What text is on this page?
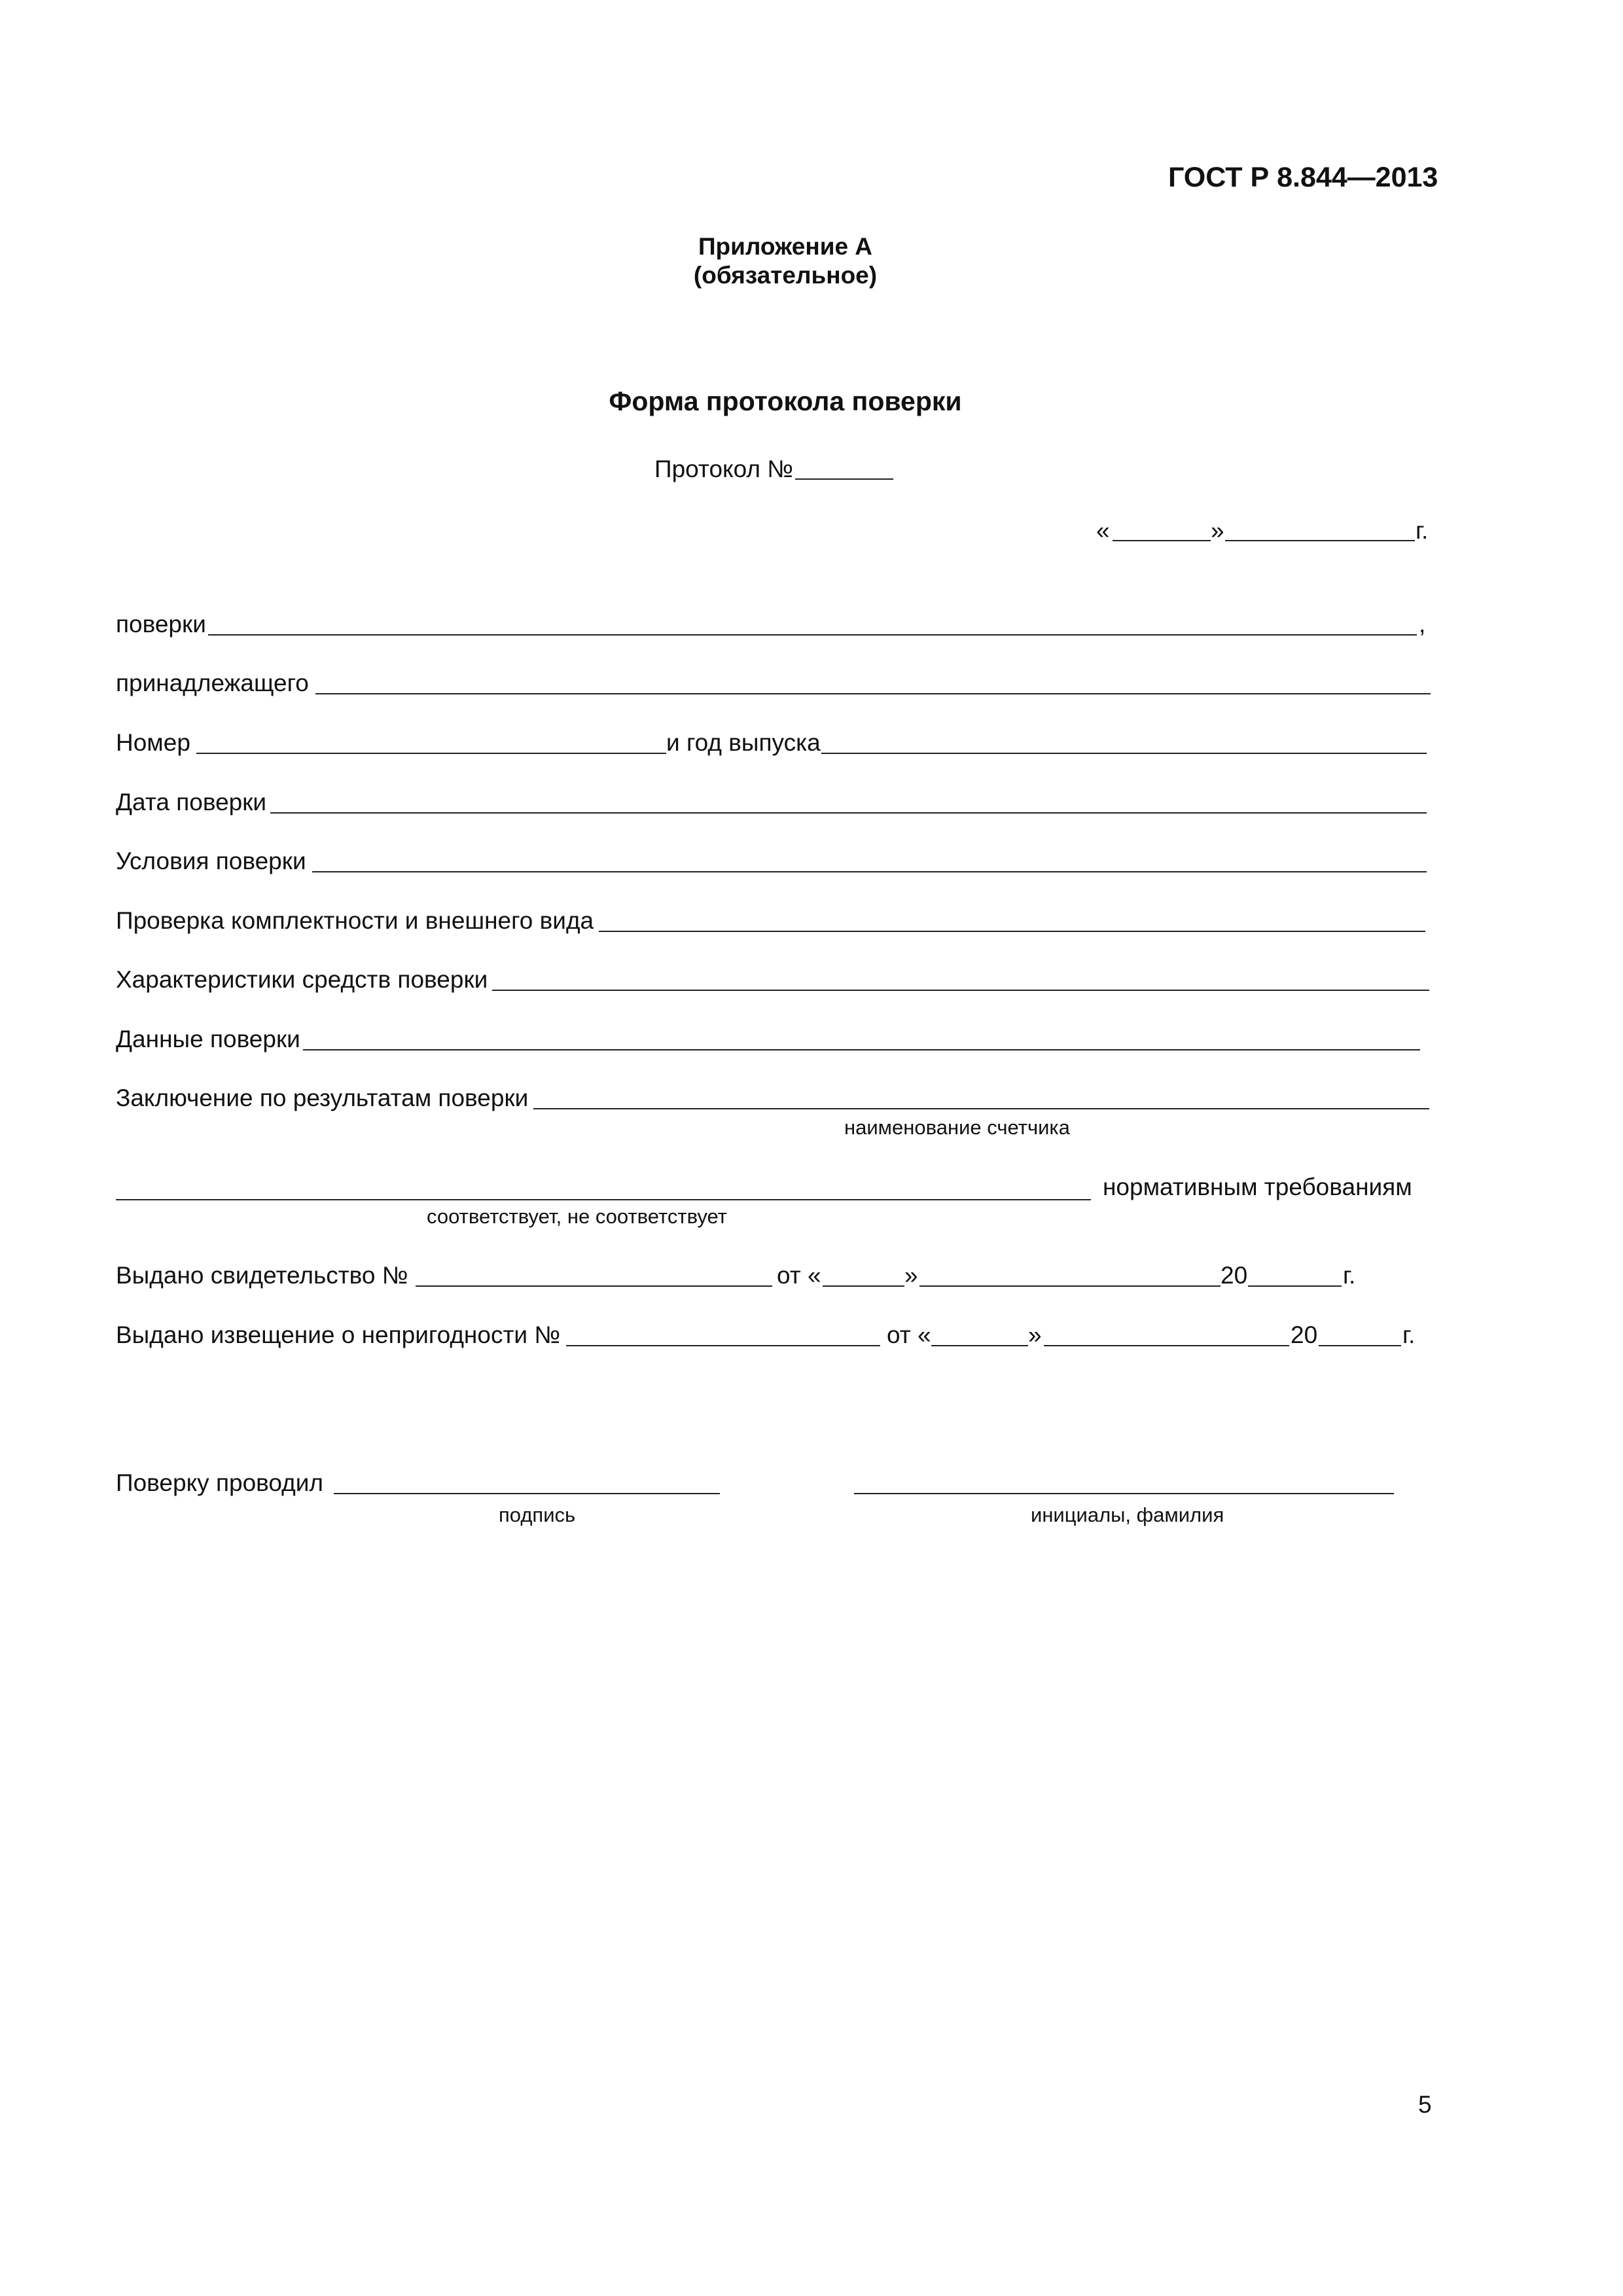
ГОСТ Р 8.844—2013
Приложение А
(обязательное)
Форма протокола поверки
Протокол №
«	»	г.
поверки	,
принадлежащего
Номер	и год выпуска
Дата поверки
Условия поверки
Проверка комплектности и внешнего вида
Характеристики средств поверки
Данные поверки
Заключение по результатам поверки
наименование счетчика
нормативным требованиям
соответствует, не соответствует
Выдано свидетельство №	от «	»	20	г.
Выдано извещение о непригодности №	от «	»	20	г.
Поверку проводил
подпись	инициалы, фамилия
5
